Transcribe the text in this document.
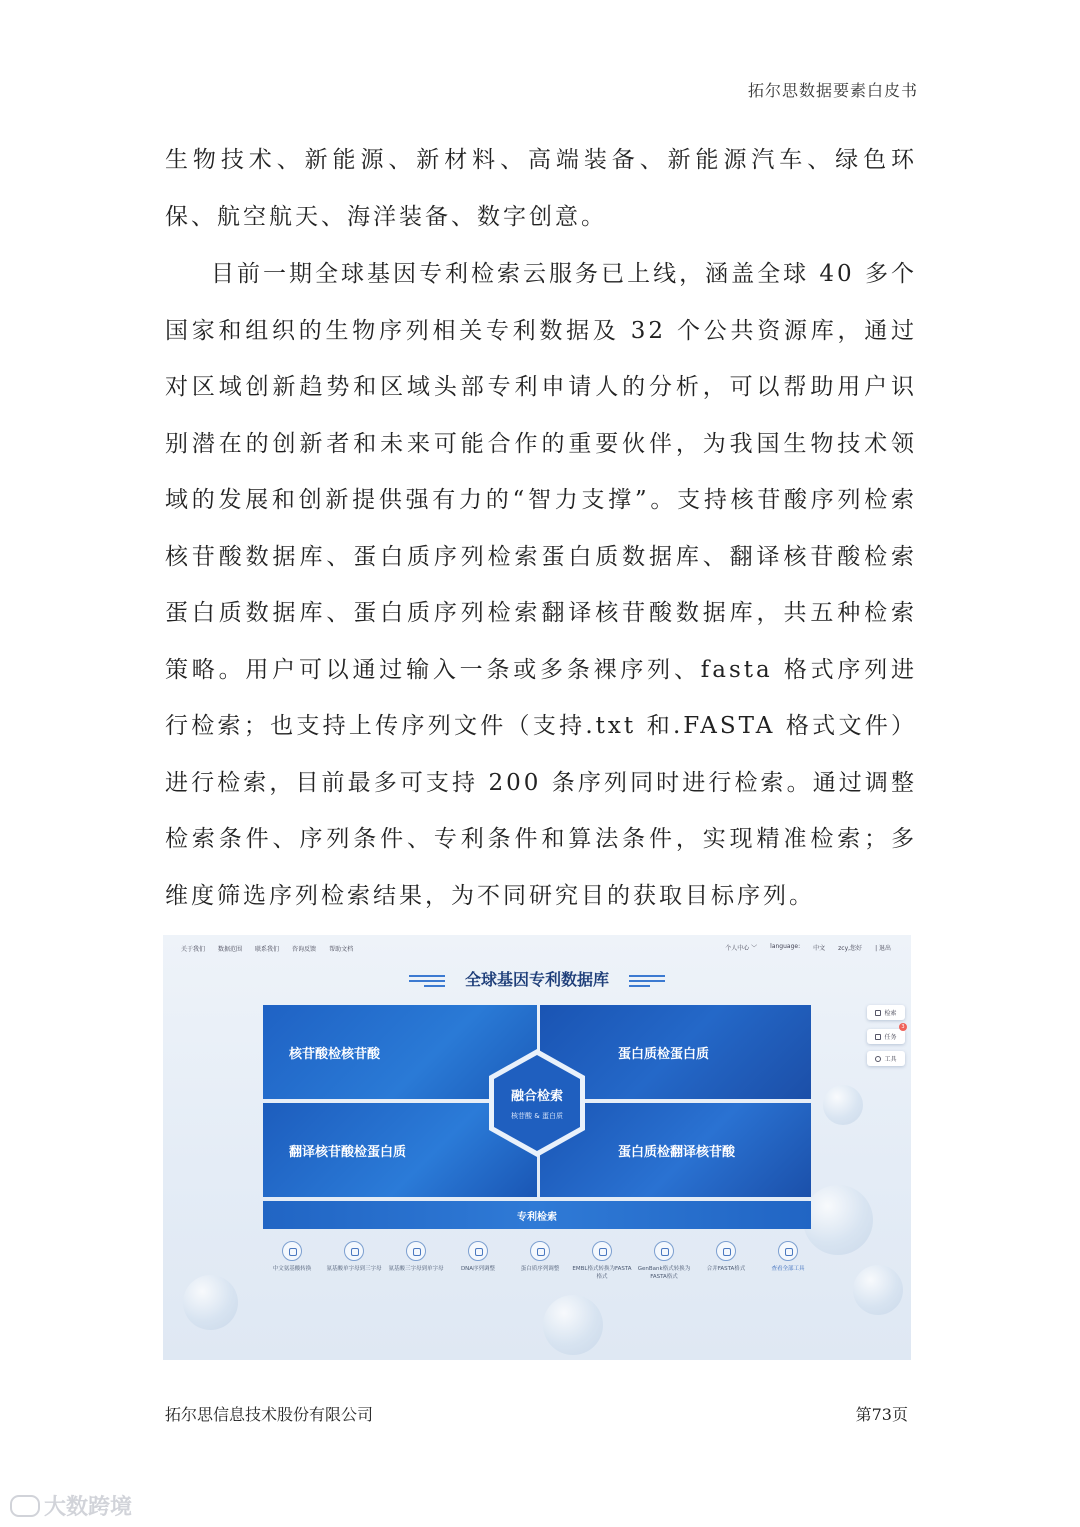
拓尔思数据要素白皮书

生物技术、新能源、新材料、高端装备、新能源汽车、绿色环保、航空航天、海洋装备、数字创意。

目前一期全球基因专利检索云服务已上线，涵盖全球 40 多个国家和组织的生物序列相关专利数据及 32 个公共资源库，通过对区域创新趋势和区域头部专利申请人的分析，可以帮助用户识别潜在的创新者和未来可能合作的重要伙伴，为我国生物技术领域的发展和创新提供强有力的“智力支撑”。支持核苷酸序列检索核苷酸数据库、蛋白质序列检索蛋白质数据库、翻译核苷酸检索蛋白质数据库、蛋白质序列检索翻译核苷酸数据库，共五种检索策略。用户可以通过输入一条或多条裸序列、fasta 格式序列进行检索；也支持上传序列文件（支持.txt 和.FASTA 格式文件）进行检索，目前最多可支持 200 条序列同时进行检索。通过调整检索条件、序列条件、专利条件和算法条件，实现精准检索；多维度筛选序列检索结果，为不同研究目的获取目标序列。

关于我们 数据范围 联系我们 咨询反馈 帮助文档	个人中心 ﹀ language: 中文 zcy,您好 | 退出
全球基因专利数据库
核苷酸检核苷酸	蛋白质检蛋白质
翻译核苷酸检蛋白质	蛋白质检翻译核苷酸
融合检索
核苷酸 & 蛋白质
专利检索
检索
任务
3
工具
中文氨基酸转换	氨基酸单字母到三字母	氨基酸三字母到单字母	DNA序列调整	蛋白质序列调整	EMBL格式转换为FASTA格式
GenBank格式转换为FASTA格式
合并FASTA格式	查看全部工具
拓尔思信息技术股份有限公司	第73页
大数跨境
